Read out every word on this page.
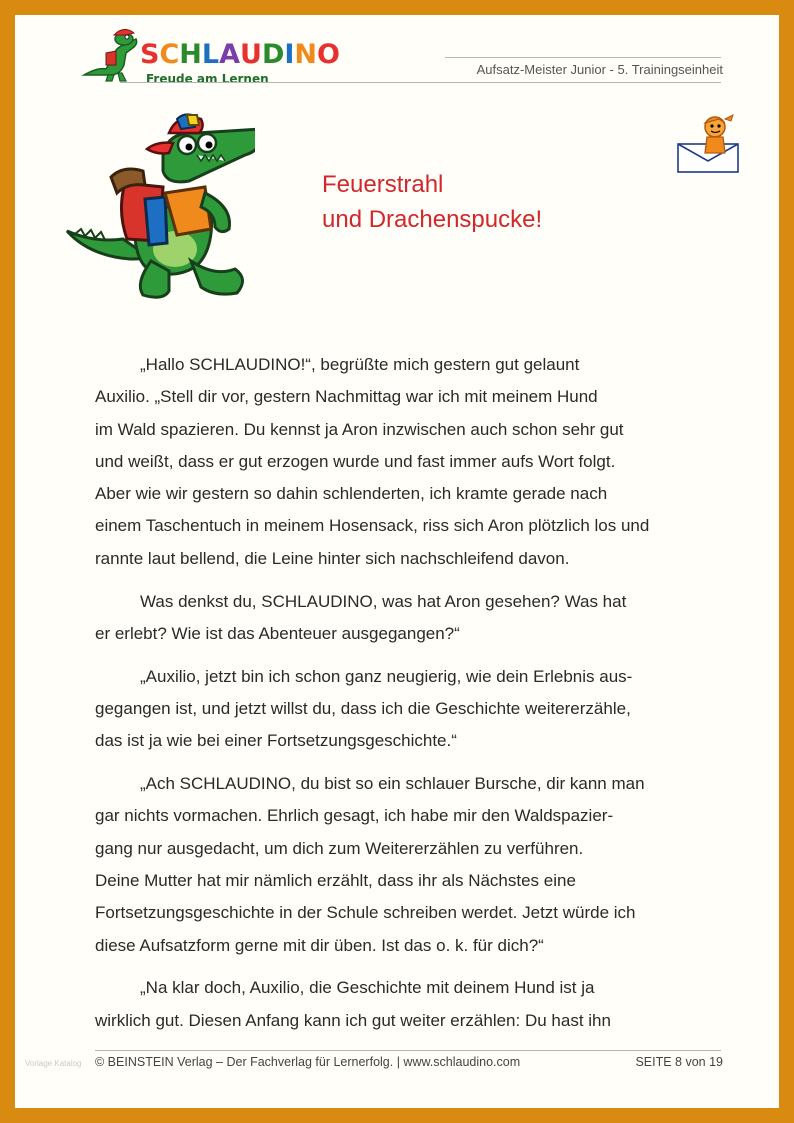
SCHLAUDINO
Freude am Lernen
Aufsatz-Meister Junior - 5. Trainingseinheit
Feuerstrahl
und Drachenspucke!
„Hallo SCHLAUDINO!“, begrüßte mich gestern gut gelaunt
Auxilio. „Stell dir vor, gestern Nachmittag war ich mit meinem Hund
im Wald spazieren. Du kennst ja Aron inzwischen auch schon sehr gut
und weißt, dass er gut erzogen wurde und fast immer aufs Wort folgt.
Aber wie wir gestern so dahin schlenderten, ich kramte gerade nach
einem Taschentuch in meinem Hosensack, riss sich Aron plötzlich los und
rannte laut bellend, die Leine hinter sich nachschleifend davon.
Was denkst du, SCHLAUDINO, was hat Aron gesehen? Was hat
er erlebt? Wie ist das Abenteuer ausgegangen?“
„Auxilio, jetzt bin ich schon ganz neugierig, wie dein Erlebnis aus-
gegangen ist, und jetzt willst du, dass ich die Geschichte weitererzähle,
das ist ja wie bei einer Fortsetzungsgeschichte.“
„Ach SCHLAUDINO, du bist so ein schlauer Bursche, dir kann man
gar nichts vormachen. Ehrlich gesagt, ich habe mir den Waldspazier-
gang nur ausgedacht, um dich zum Weitererzählen zu verführen.
Deine Mutter hat mir nämlich erzählt, dass ihr als Nächstes eine
Fortsetzungsgeschichte in der Schule schreiben werdet. Jetzt würde ich
diese Aufsatzform gerne mit dir üben. Ist das o. k. für dich?“
„Na klar doch, Auxilio, die Geschichte mit deinem Hund ist ja
wirklich gut. Diesen Anfang kann ich gut weiter erzählen: Du hast ihn
© BEINSTEIN Verlag – Der Fachverlag für Lernerfolg. | www.schlaudino.com	SEITE 8 von 19
Vorlage Katalog
